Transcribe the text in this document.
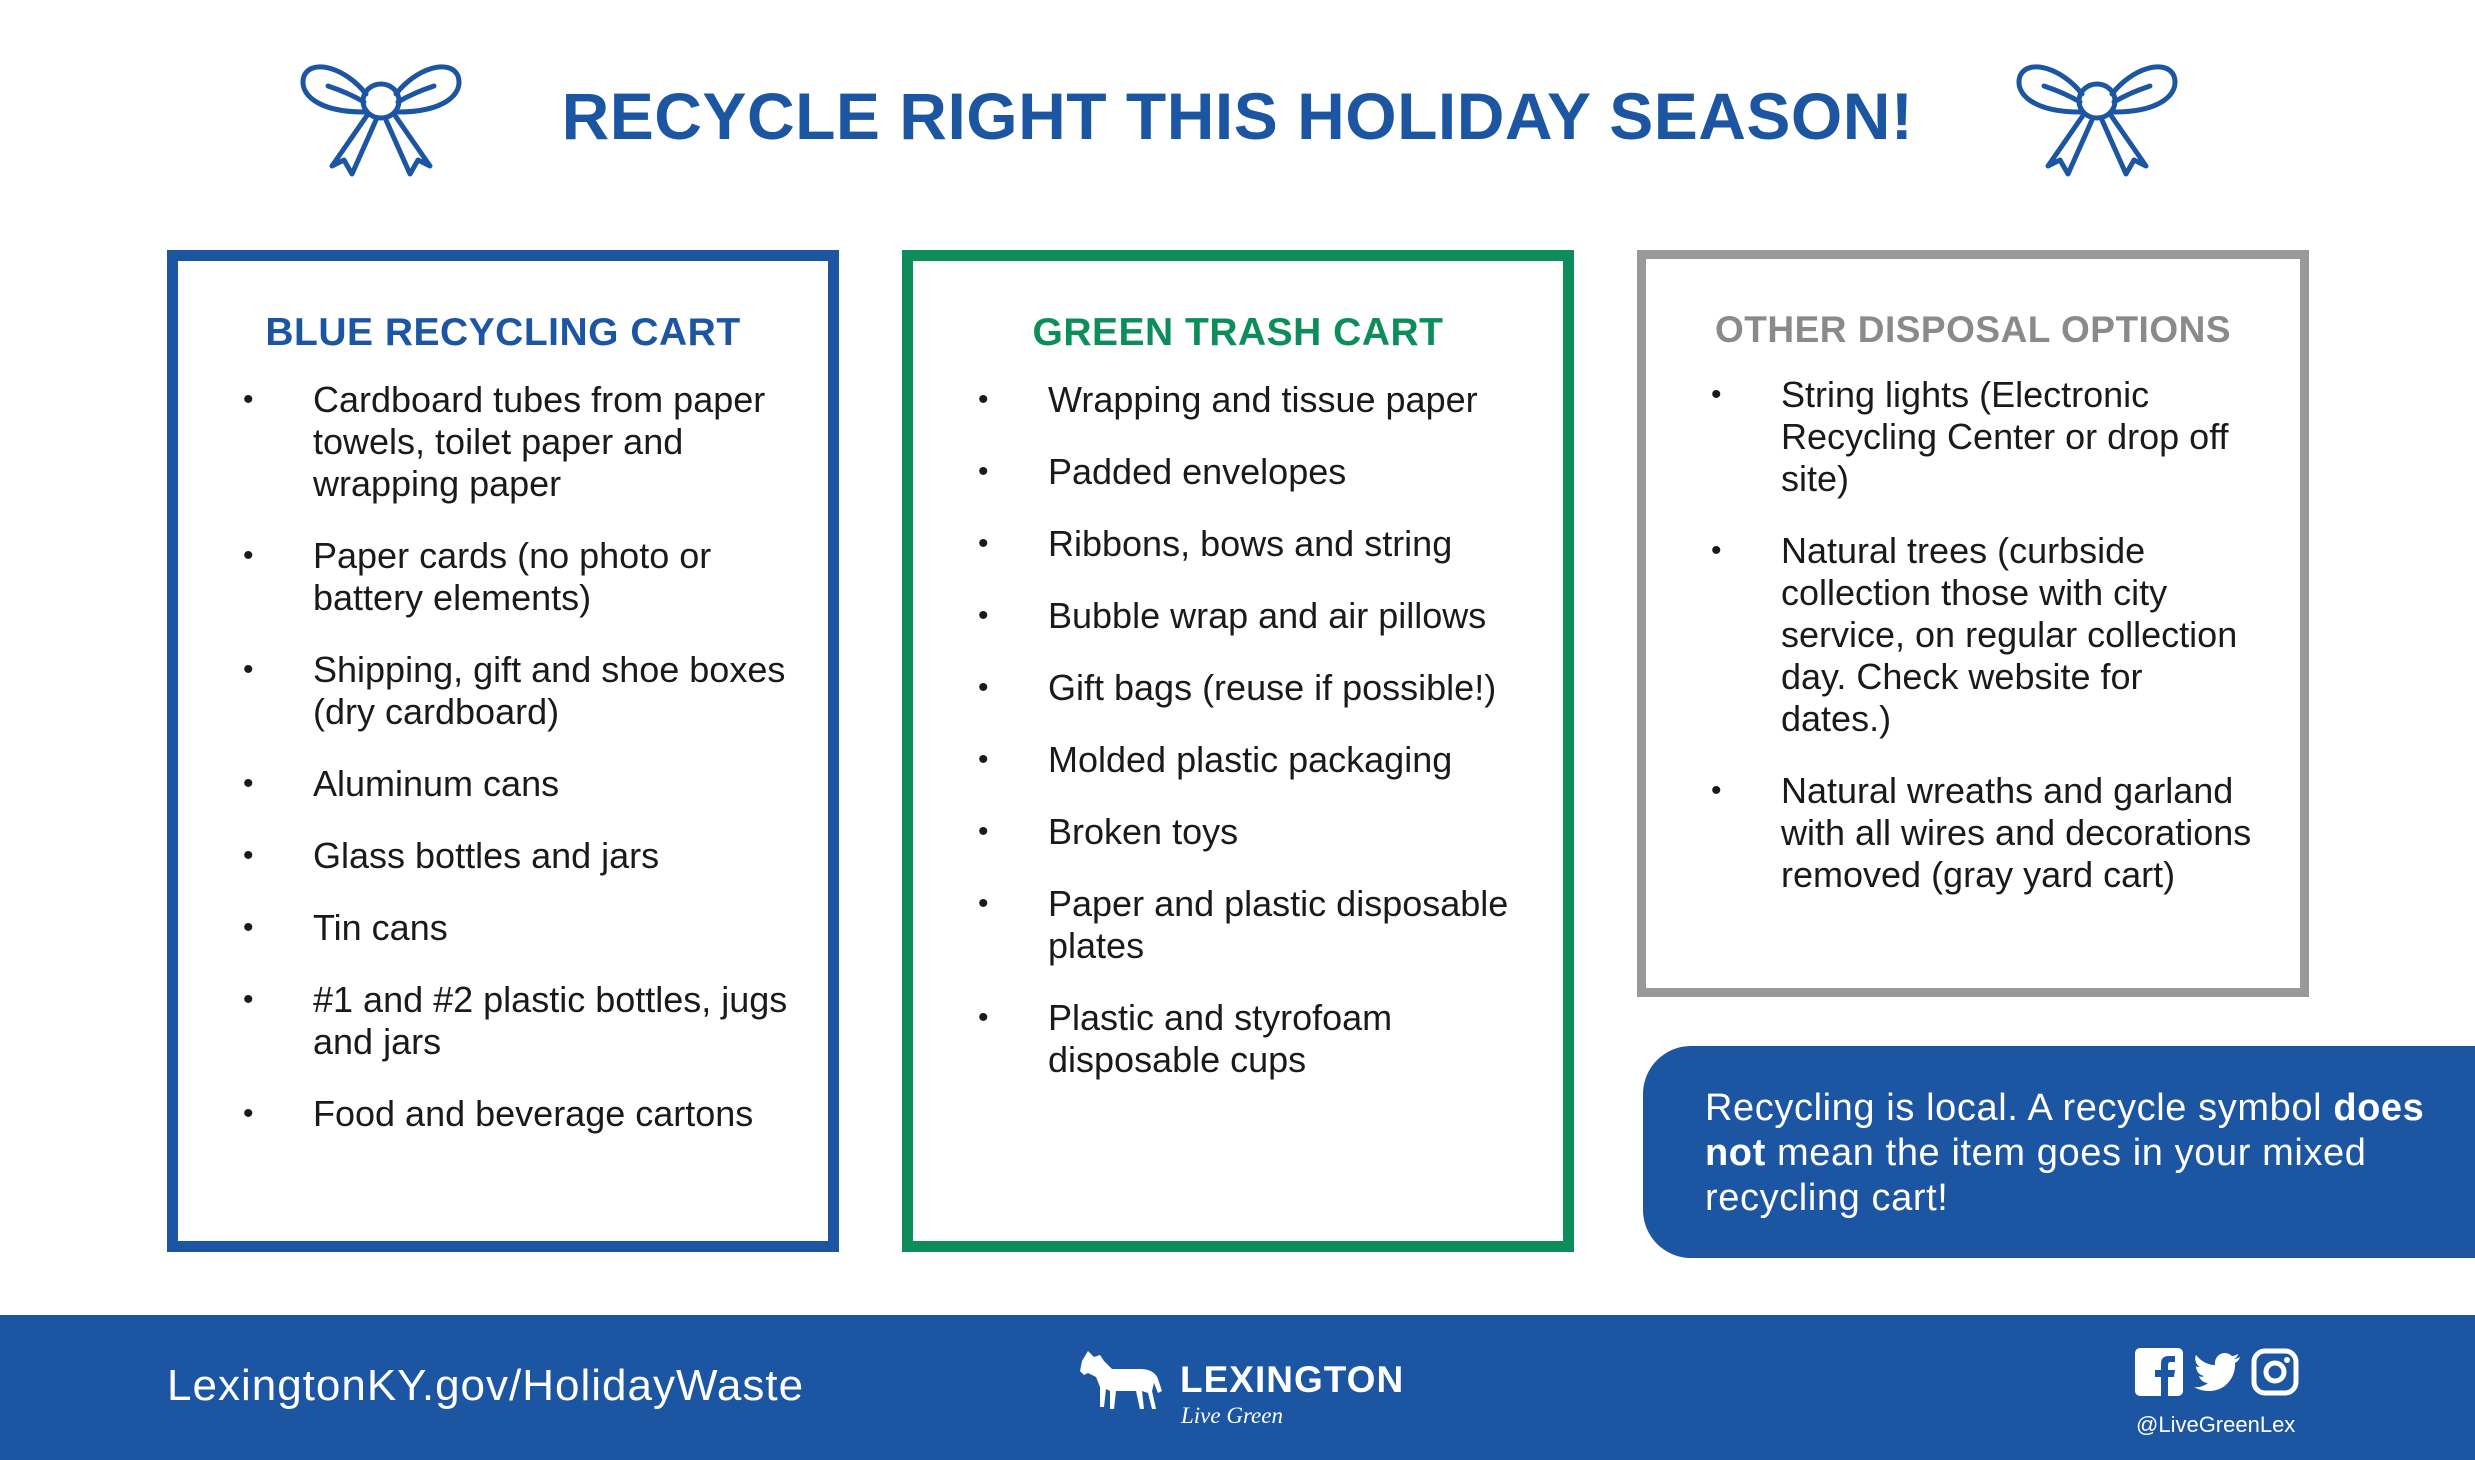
RECYCLE RIGHT THIS HOLIDAY SEASON!
BLUE RECYCLING CART
• Cardboard tubes from paper towels, toilet paper and wrapping paper
• Paper cards (no photo or battery elements)
• Shipping, gift and shoe boxes (dry cardboard)
• Aluminum cans
• Glass bottles and jars
• Tin cans
• #1 and #2 plastic bottles, jugs and jars
• Food and beverage cartons
GREEN TRASH CART
• Wrapping and tissue paper
• Padded envelopes
• Ribbons, bows and string
• Bubble wrap and air pillows
• Gift bags (reuse if possible!)
• Molded plastic packaging
• Broken toys
• Paper and plastic disposable plates
• Plastic and styrofoam disposable cups
OTHER DISPOSAL OPTIONS
• String lights (Electronic Recycling Center or drop off site)
• Natural trees (curbside collection those with city service, on regular collection day. Check website for dates.)
• Natural wreaths and garland with all wires and decorations removed (gray yard cart)
Recycling is local. A recycle symbol does not mean the item goes in your mixed recycling cart!
LexingtonKY.gov/HolidayWaste	LEXINGTON
Live Green	@LiveGreenLex
